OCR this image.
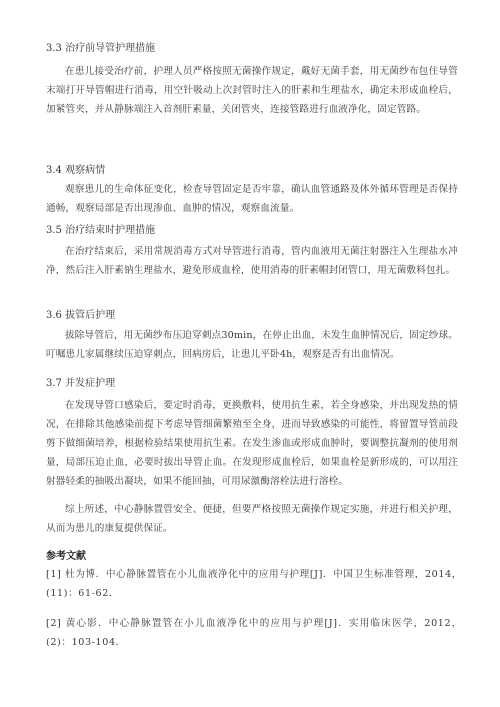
3.3 治疗前导管护理措施

在患儿接受治疗前，护理人员严格按照无菌操作规定，戴好无菌手套，用无菌纱布包住导管末端打开导管帽进行消毒，用空针吸动上次封管时注入的肝素和生理盐水，确定未形成血栓后，加紧管夹，并从静脉端注入首剂肝素量，关闭管夹，连接管路进行血液净化，固定管路。

3.4 观察病情

观察患儿的生命体征变化，检查导管固定是否牢靠，确认血管通路及体外循环管理是否保持通畅，观察局部是否出现渗血、血肿的情况，观察血流量。

3.5 治疗结束时护理措施

在治疗结束后，采用常规消毒方式对导管进行消毒，管内血液用无菌注射器注入生理盐水冲净，然后注入肝素钠生理盐水，避免形成血栓，使用消毒的肝素帽封闭管口，用无菌敷料包扎。

3.6 拔管后护理

拔除导管后，用无菌纱布压迫穿刺点30min，在停止出血，未发生血肿情况后，固定纱球。叮嘱患儿家属继续压迫穿刺点，回病房后，让患儿平卧4h，观察是否有出血情况。

3.7 并发症护理

在发现导管口感染后，要定时消毒，更换敷料，使用抗生素，若全身感染，并出现发热的情况，在排除其他感染前提下考虑导管细菌繁殖至全身，进而导致感染的可能性，将留置导管前段剪下做细菌培养，根据检验结果使用抗生素。在发生渗血或形成血肿时，要调整抗凝剂的使用剂量，局部压迫止血，必要时拔出导管止血。在发现形成血栓后，如果血栓是新形成的，可以用注射器轻柔的抽吸出凝块，如果不能回抽，可用尿激酶溶栓法进行溶栓。

综上所述，中心静脉置管安全、便捷，但要严格按照无菌操作规定实施，并进行相关护理，从而为患儿的康复提供保证。

参考文献

[1] 杜为博．中心静脉置管在小儿血液净化中的应用与护理[J]．中国卫生标准管理，2014，(11)：61-62．

[2] 黄心影．中心静脉置管在小儿血液净化中的应用与护理[J]．实用临床医学，2012，(2)：103-104．
